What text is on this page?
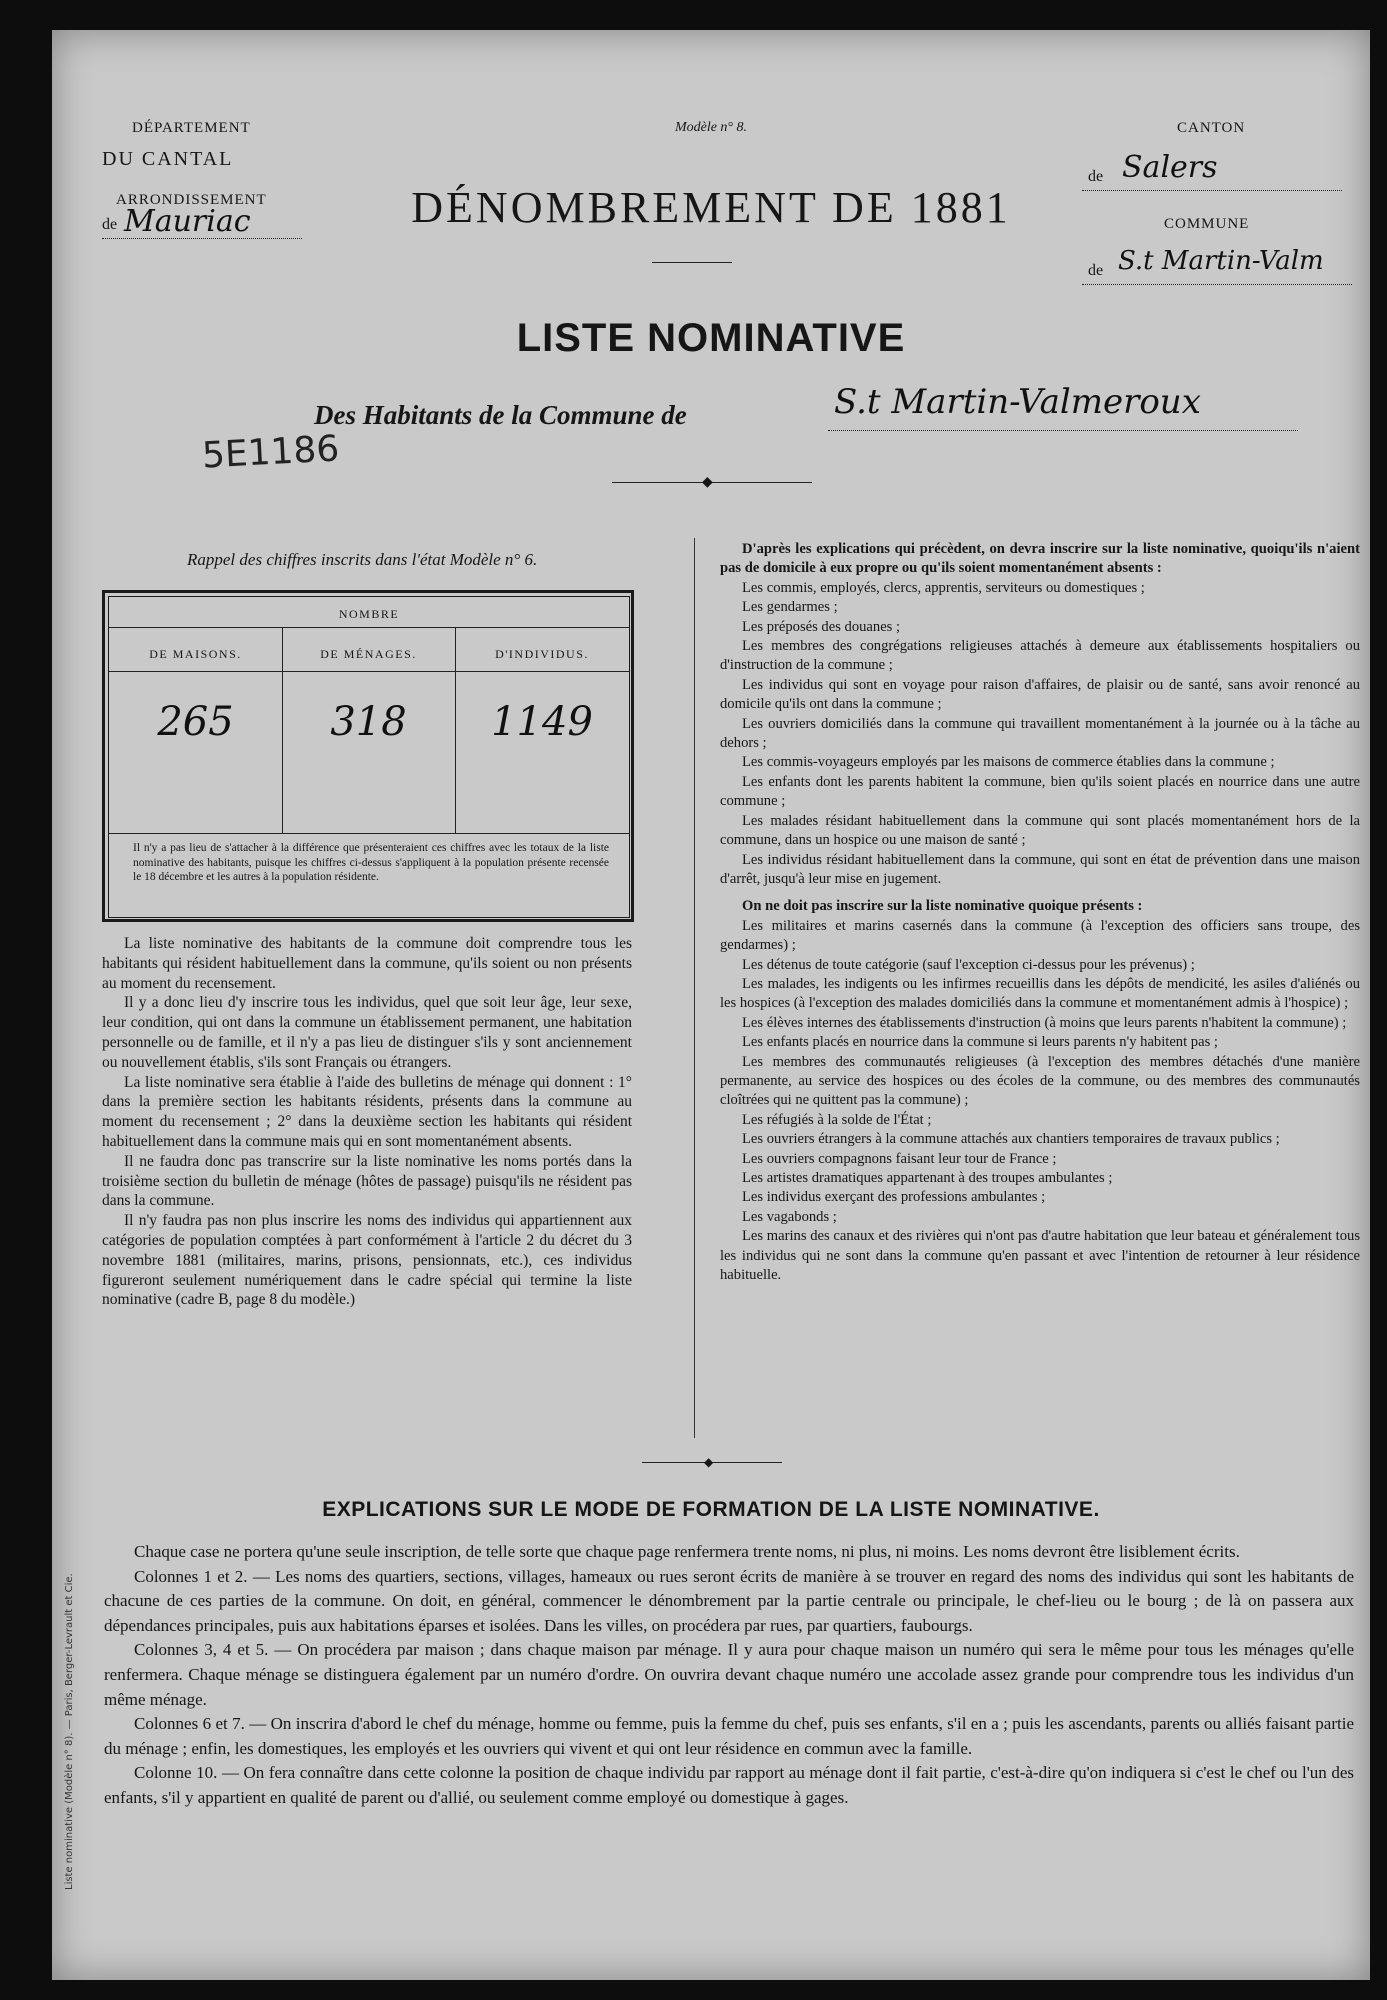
DÉPARTEMENT
DU CANTAL
ARRONDISSEMENT
de Mauriac
Modèle n° 8.
DÉNOMBREMENT DE 1881
LISTE NOMINATIVE
CANTON
de Salers
COMMUNE
de S.t Martin-Valm
Des Habitants de la Commune de	S.t Martin-Valmeroux
5E1186
◆
Rappel des chiffres inscrits dans l'état Modèle n° 6.
NOMBRE
DE MAISONS.	DE MÉNAGES.	D'INDIVIDUS.
265	318	1149
Il n'y a pas lieu de s'attacher à la différence que présenteraient ces chiffres avec les totaux de la liste nominative des habitants, puisque les chiffres ci-dessus s'appliquent à la population présente recensée le 18 décembre et les autres à la population résidente.

La liste nominative des habitants de la commune doit comprendre tous les habitants qui résident habituellement dans la commune, qu'ils soient ou non présents au moment du recensement.

Il y a donc lieu d'y inscrire tous les individus, quel que soit leur âge, leur sexe, leur condition, qui ont dans la commune un établissement permanent, une habitation personnelle ou de famille, et il n'y a pas lieu de distinguer s'ils y sont anciennement ou nouvellement établis, s'ils sont Français ou étrangers.

La liste nominative sera établie à l'aide des bulletins de ménage qui donnent : 1° dans la première section les habitants résidents, présents dans la commune au moment du recensement ; 2° dans la deuxième section les habitants qui résident habituellement dans la commune mais qui en sont momentanément absents.

Il ne faudra donc pas transcrire sur la liste nominative les noms portés dans la troisième section du bulletin de ménage (hôtes de passage) puisqu'ils ne résident pas dans la commune.

Il n'y faudra pas non plus inscrire les noms des individus qui appartiennent aux catégories de population comptées à part conformément à l'article 2 du décret du 3 novembre 1881 (militaires, marins, prisons, pensionnats, etc.), ces individus figureront seulement numériquement dans le cadre spécial qui termine la liste nominative (cadre B, page 8 du modèle.)

D'après les explications qui précèdent, on devra inscrire sur la liste nominative, quoiqu'ils n'aient pas de domicile à eux propre ou qu'ils soient momentanément absents :

Les commis, employés, clercs, apprentis, serviteurs ou domestiques ;

Les gendarmes ;

Les préposés des douanes ;

Les membres des congrégations religieuses attachés à demeure aux établissements hospitaliers ou d'instruction de la commune ;

Les individus qui sont en voyage pour raison d'affaires, de plaisir ou de santé, sans avoir renoncé au domicile qu'ils ont dans la commune ;

Les ouvriers domiciliés dans la commune qui travaillent momentanément à la journée ou à la tâche au dehors ;

Les commis-voyageurs employés par les maisons de commerce établies dans la commune ;

Les enfants dont les parents habitent la commune, bien qu'ils soient placés en nourrice dans une autre commune ;

Les malades résidant habituellement dans la commune qui sont placés momentanément hors de la commune, dans un hospice ou une maison de santé ;

Les individus résidant habituellement dans la commune, qui sont en état de prévention dans une maison d'arrêt, jusqu'à leur mise en jugement.

On ne doit pas inscrire sur la liste nominative quoique présents :

Les militaires et marins casernés dans la commune (à l'exception des officiers sans troupe, des gendarmes) ;

Les détenus de toute catégorie (sauf l'exception ci-dessus pour les prévenus) ;

Les malades, les indigents ou les infirmes recueillis dans les dépôts de mendicité, les asiles d'aliénés ou les hospices (à l'exception des malades domiciliés dans la commune et momentanément admis à l'hospice) ;

Les élèves internes des établissements d'instruction (à moins que leurs parents n'habitent la commune) ;

Les enfants placés en nourrice dans la commune si leurs parents n'y habitent pas ;

Les membres des communautés religieuses (à l'exception des membres détachés d'une manière permanente, au service des hospices ou des écoles de la commune, ou des membres des communautés cloîtrées qui ne quittent pas la commune) ;

Les réfugiés à la solde de l'État ;

Les ouvriers étrangers à la commune attachés aux chantiers temporaires de travaux publics ;

Les ouvriers compagnons faisant leur tour de France ;

Les artistes dramatiques appartenant à des troupes ambulantes ;

Les individus exerçant des professions ambulantes ;

Les vagabonds ;

Les marins des canaux et des rivières qui n'ont pas d'autre habitation que leur bateau et généralement tous les individus qui ne sont dans la commune qu'en passant et avec l'intention de retourner à leur résidence habituelle.

◆
EXPLICATIONS SUR LE MODE DE FORMATION DE LA LISTE NOMINATIVE.

Chaque case ne portera qu'une seule inscription, de telle sorte que chaque page renfermera trente noms, ni plus, ni moins. Les noms devront être lisiblement écrits.

Colonnes 1 et 2. — Les noms des quartiers, sections, villages, hameaux ou rues seront écrits de manière à se trouver en regard des noms des individus qui sont les habitants de chacune de ces parties de la commune. On doit, en général, commencer le dénombrement par la partie centrale ou principale, le chef-lieu ou le bourg ; de là on passera aux dépendances principales, puis aux habitations éparses et isolées. Dans les villes, on procédera par rues, par quartiers, faubourgs.

Colonnes 3, 4 et 5. — On procédera par maison ; dans chaque maison par ménage. Il y aura pour chaque maison un numéro qui sera le même pour tous les ménages qu'elle renfermera. Chaque ménage se distinguera également par un numéro d'ordre. On ouvrira devant chaque numéro une accolade assez grande pour comprendre tous les individus d'un même ménage.

Colonnes 6 et 7. — On inscrira d'abord le chef du ménage, homme ou femme, puis la femme du chef, puis ses enfants, s'il en a ; puis les ascendants, parents ou alliés faisant partie du ménage ; enfin, les domestiques, les employés et les ouvriers qui vivent et qui ont leur résidence en commun avec la famille.

Colonne 10. — On fera connaître dans cette colonne la position de chaque individu par rapport au ménage dont il fait partie, c'est-à-dire qu'on indiquera si c'est le chef ou l'un des enfants, s'il y appartient en qualité de parent ou d'allié, ou seulement comme employé ou domestique à gages.

Liste nominative (Modèle n° 8). — Paris, Berger-Levrault et Cie.
